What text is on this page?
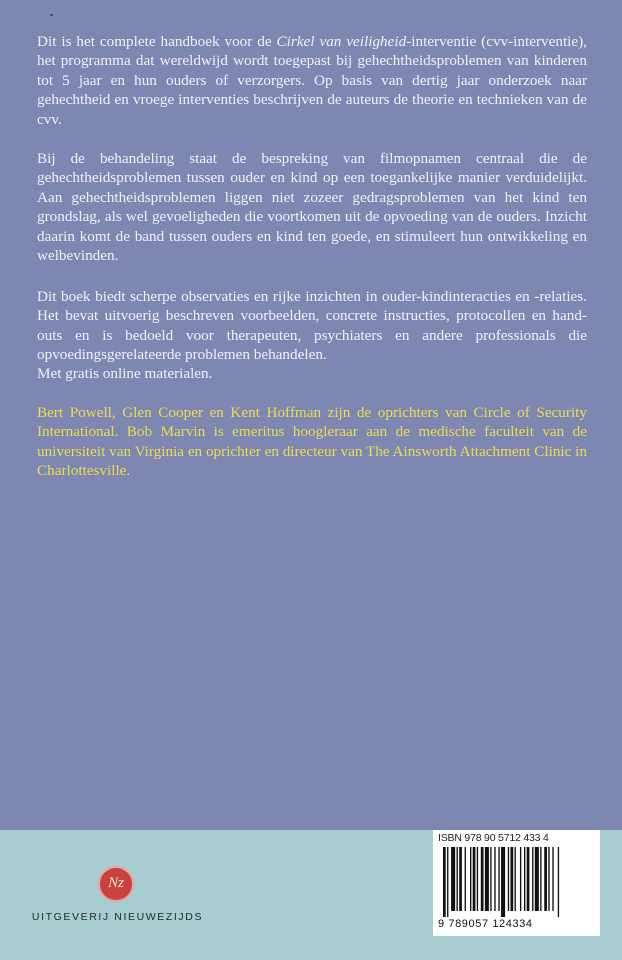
Dit is het complete handboek voor de Cirkel van veiligheid-interventie (cvv-interventie), het programma dat wereldwijd wordt toegepast bij gehechtheidsproblemen van kinderen tot 5 jaar en hun ouders of verzorgers. Op basis van dertig jaar onderzoek naar gehechtheid en vroege interventies beschrijven de auteurs de theorie en technieken van de cvv.

Bij de behandeling staat de bespreking van filmopnamen centraal die de gehechtheidsproblemen tussen ouder en kind op een toegankelijke manier verduidelijkt. Aan gehechtheidsproblemen liggen niet zozeer gedragsproblemen van het kind ten grondslag, als wel gevoeligheden die voortkomen uit de opvoeding van de ouders. Inzicht daarin komt de band tussen ouders en kind ten goede, en stimuleert hun ontwikkeling en welbevinden.

Dit boek biedt scherpe observaties en rijke inzichten in ouder-kindinteracties en -relaties. Het bevat uitvoerig beschreven voorbeelden, concrete instructies, protocollen en hand-outs en is bedoeld voor therapeuten, psychiaters en andere professionals die opvoedingsgerelateerde problemen behandelen.

Met gratis online materialen.

Bert Powell, Glen Cooper en Kent Hoffman zijn de oprichters van Circle of Security International. Bob Marvin is emeritus hoogleraar aan de medische faculteit van de universiteit van Virginia en oprichter en directeur van The Ainsworth Attachment Clinic in Charlottesville.

Nz
UITGEVERIJ NIEUWEZIJDS
ISBN 978 90 5712 433 4
9 789057 124334
